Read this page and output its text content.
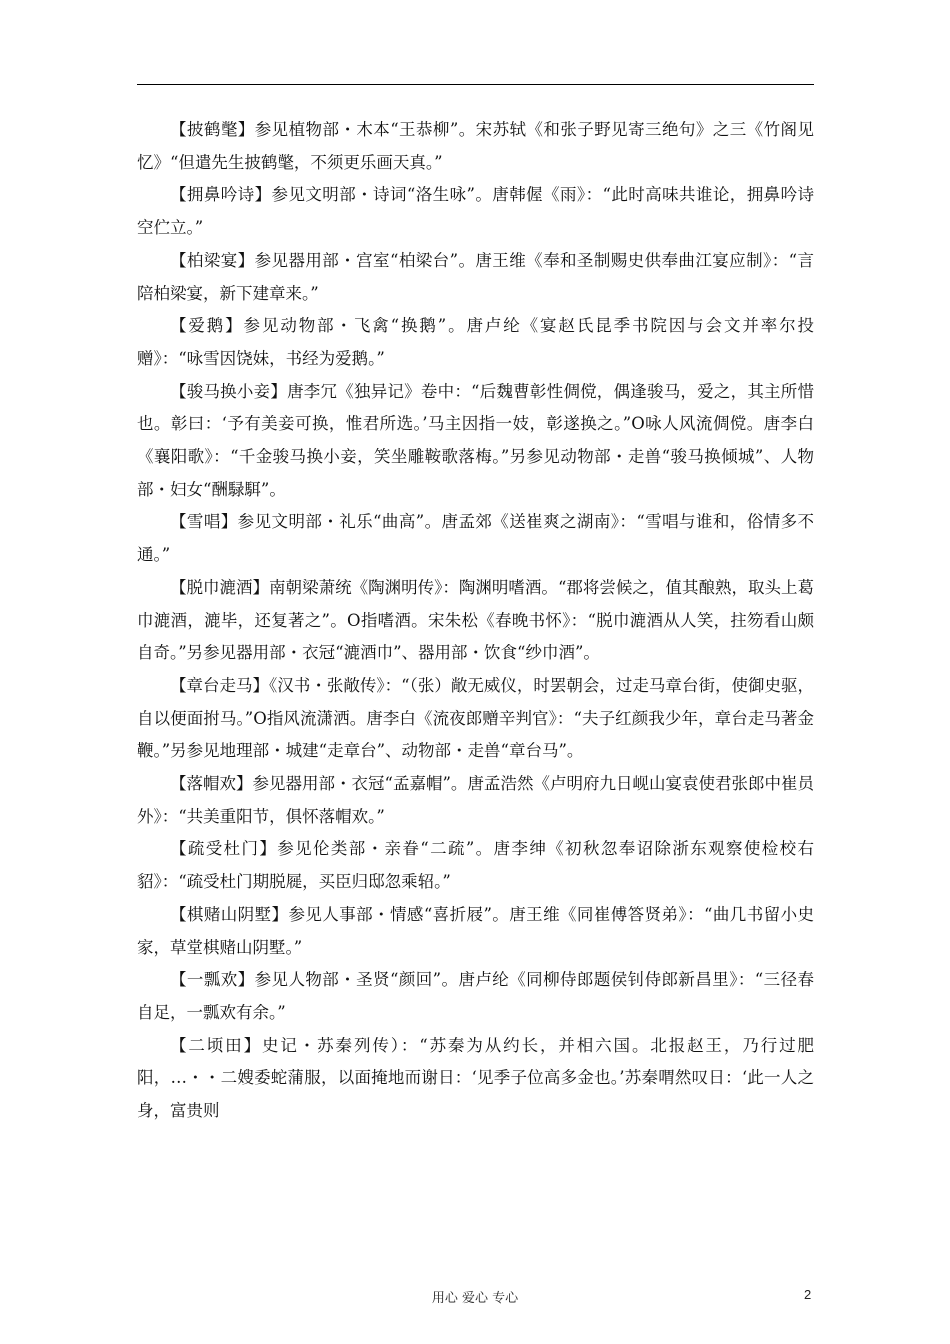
【披鹤氅】参见植物部・木本“王恭柳”。宋苏轼《和张子野见寄三绝句》之三《竹阁见忆》“但遣先生披鹤氅，不须更乐画天真。”

【拥鼻吟诗】参见文明部・诗词“洛生咏”。唐韩偓《雨》：“此时高味共谁论，拥鼻吟诗空伫立。”

【柏梁宴】参见器用部・宫室“柏梁台”。唐王维《奉和圣制赐史供奉曲江宴应制》：“言陪柏梁宴，新下建章来。”

【爱鹅】参见动物部・飞禽“换鹅”。唐卢纶《宴赵氏昆季书院因与会文并率尔投赠》：“咏雪因饶妹，书经为爱鹅。”

【骏马换小妾】唐李冗《独异记》卷中：“后魏曹彰性倜傥，偶逢骏马，爱之，其主所惜也。彰曰：‘予有美妾可换，惟君所选。’马主因指一妓，彰遂换之。”O咏人风流倜傥。唐李白《襄阳歌》：“千金骏马换小妾，笑坐雕鞍歌落梅。”另参见动物部・走兽“骏马换倾城”、人物部・妇女“酬騄駬”。

【雪唱】参见文明部・礼乐“曲高”。唐孟郊《送崔爽之湖南》：“雪唱与谁和，俗情多不通。”

【脱巾漉酒】南朝梁萧统《陶渊明传》：陶渊明嗜酒。“郡将尝候之，值其酿熟，取头上葛巾漉酒，漉毕，还复著之”。O指嗜酒。宋朱松《春晚书怀》：“脱巾漉酒从人笑，拄笏看山颇自奇。”另参见器用部・衣冠“漉酒巾”、器用部・饮食“纱巾酒”。

【章台走马】《汉书・张敞传》：“（张）敞无威仪，时罢朝会，过走马章台街，使御史驱，自以便面拊马。”O指风流潇洒。唐李白《流夜郎赠辛判官》：“夫子红颜我少年，章台走马著金鞭。”另参见地理部・城建“走章台”、动物部・走兽“章台马”。

【落帽欢】参见器用部・衣冠“孟嘉帽”。唐孟浩然《卢明府九日岘山宴袁使君张郎中崔员外》：“共美重阳节，俱怀落帽欢。”

【疏受杜门】参见伦类部・亲眷“二疏”。唐李绅《初秋忽奉诏除浙东观察使检校右貂》：“疏受杜门期脱屣，买臣归邸忽乘轺。”

【棋赌山阴墅】参见人事部・情感“喜折屐”。唐王维《同崔傅答贤弟》：“曲几书留小史家，草堂棋赌山阴墅。”

【一瓢欢】参见人物部・圣贤“颜回”。唐卢纶《同柳侍郎题侯钊侍郎新昌里》：“三径春自足，一瓢欢有余。”

【二顷田】史记・苏秦列传）：“苏秦为从约长，并相六国。北报赵王，乃行过肥阳，…・・二嫂委蛇蒲服，以面掩地而谢日：‘见季子位高多金也。’苏秦喟然叹日：‘此一人之身，富贵则

用心 爱心 专心	2
